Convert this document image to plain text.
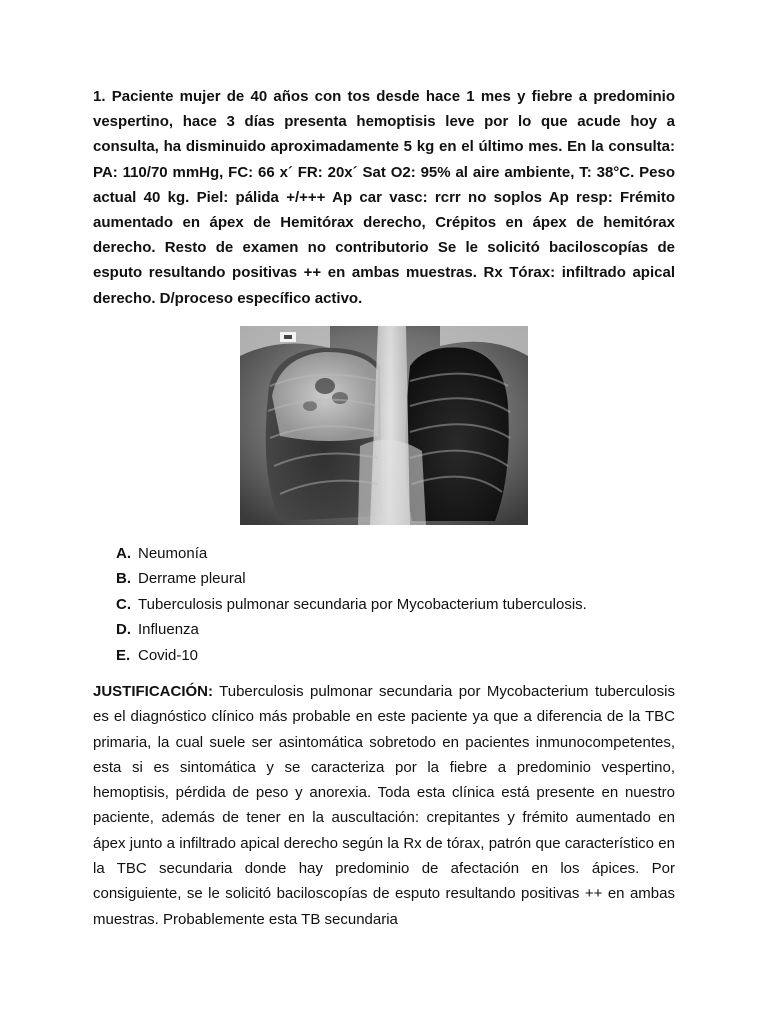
1. Paciente mujer de 40 años con tos desde hace 1 mes y fiebre a predominio vespertino, hace 3 días presenta hemoptisis leve por lo que acude hoy a consulta, ha disminuido aproximadamente 5 kg en el último mes. En la consulta: PA: 110/70 mmHg, FC: 66 x´ FR: 20x´ Sat O2: 95% al aire ambiente, T: 38°C. Peso actual 40 kg. Piel: pálida +/+++ Ap car vasc: rcrr no soplos Ap resp: Frémito aumentado en ápex de Hemitórax derecho, Crépitos en ápex de hemitórax derecho. Resto de examen no contributorio Se le solicitó baciloscopías de esputo resultando positivas ++ en ambas muestras. Rx Tórax: infiltrado apical derecho. D/proceso específico activo.

A. Neumonía
B. Derrame pleural
C. Tuberculosis pulmonar secundaria por Mycobacterium tuberculosis.
D. Influenza
E. Covid-10

JUSTIFICACIÓN: Tuberculosis pulmonar secundaria por Mycobacterium tuberculosis es el diagnóstico clínico más probable en este paciente ya que a diferencia de la TBC primaria, la cual suele ser asintomática sobretodo en pacientes inmunocompetentes, esta si es sintomática y se caracteriza por la fiebre a predominio vespertino, hemoptisis, pérdida de peso y anorexia. Toda esta clínica está presente en nuestro paciente, además de tener en la auscultación: crepitantes y frémito aumentado en ápex junto a infiltrado apical derecho según la Rx de tórax, patrón que característico en la TBC secundaria donde hay predominio de afectación en los ápices. Por consiguiente, se le solicitó baciloscopías de esputo resultando positivas ++ en ambas muestras. Probablemente esta TB secundaria
